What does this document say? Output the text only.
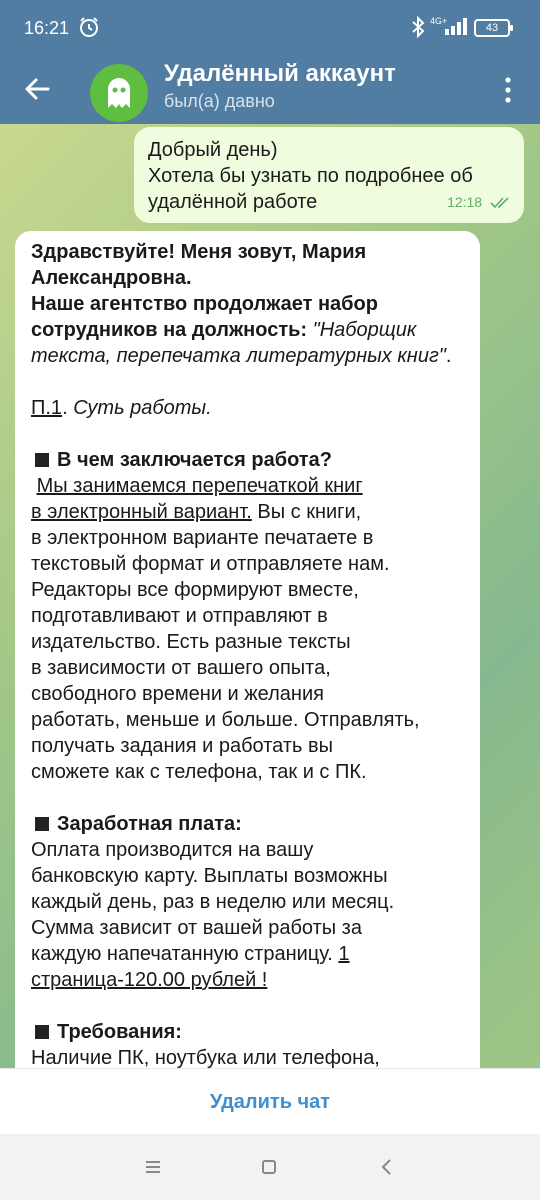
16:21	4G+
43
Удалённый аккаунт
был(а) давно
Добрый день)
Хотела бы узнать по подробнее об
удалённой работе	12:18

Здравствуйте! Меня зовут, Мария

Александровна.

Наше агентство продолжает набор

сотрудников на должность: "Наборщик

текста, перепечатка литературных книг".

П.1. Суть работы.

В чем заключается работа?

Мы занимаемся перепечаткой книг

в электронный вариант. Вы с книги,

в электронном варианте печатаете в

текстовый формат и отправляете нам.

Редакторы все формируют вместе,

подготавливают и отправляют в

издательство. Есть разные тексты

в зависимости от вашего опыта,

свободного времени и желания

работать, меньше и больше. Отправлять,

получать задания и работать вы

сможете как с телефона, так и с ПК.

Заработная плата:

Оплата производится на вашу

банковскую карту. Выплаты возможны

каждый день, раз в неделю или месяц.

Сумма зависит от вашей работы за

каждую напечатанную страницу. 1

страница-120.00 рублей !

Требования:

Наличие ПК, ноутбука или телефона,

Удалить чат
